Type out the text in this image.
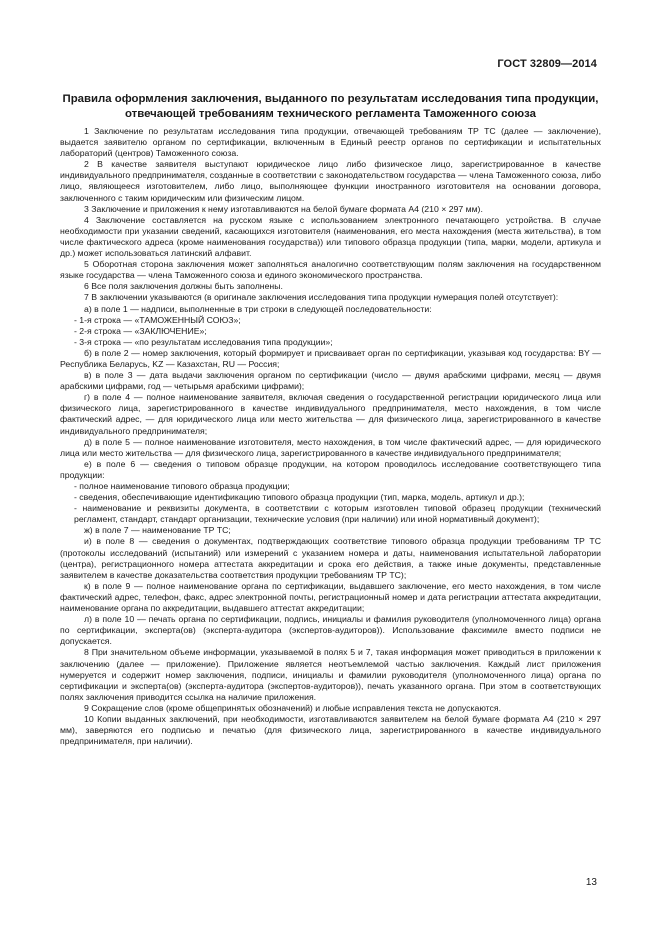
ГОСТ 32809—2014
Правила оформления заключения, выданного по результатам исследования типа продукции,
отвечающей требованиям технического регламента Таможенного союза

1 Заключение по результатам исследования типа продукции, отвечающей требованиям ТР ТС (далее — заключение), выдается заявителю органом по сертификации, включенным в Единый реестр органов по сертификации и испытательных лабораторий (центров) Таможенного союза.

2 В качестве заявителя выступают юридическое лицо либо физическое лицо, зарегистрированное в качестве индивидуального предпринимателя, созданные в соответствии с законодательством государства — члена Таможенного союза, либо лицо, являющееся изготовителем, либо лицо, выполняющее функции иностранного изготовителя на основании договора, заключенного с таким юридическим или физическим лицом.

3 Заключение и приложения к нему изготавливаются на белой бумаге формата А4 (210 × 297 мм).

4 Заключение составляется на русском языке с использованием электронного печатающего устройства. В случае необходимости при указании сведений, касающихся изготовителя (наименования, его места нахождения (места жительства), в том числе фактического адреса (кроме наименования государства)) или типового образца продукции (типа, марки, модели, артикула и др.) может использоваться латинский алфавит.

5 Оборотная сторона заключения может заполняться аналогично соответствующим полям заключения на государственном языке государства — члена Таможенного союза и единого экономического пространства.

6 Все поля заключения должны быть заполнены.

7 В заключении указываются (в оригинале заключения исследования типа продукции нумерация полей отсутствует):

а) в поле 1 — надписи, выполненные в три строки в следующей последовательности:

- 1-я строка — «ТАМОЖЕННЫЙ СОЮЗ»;

- 2-я строка — «ЗАКЛЮЧЕНИЕ»;

- 3-я строка — «по результатам исследования типа продукции»;

б) в поле 2 — номер заключения, который формирует и присваивает орган по сертификации, указывая код государства: BY — Республика Беларусь, KZ — Казахстан, RU — Россия;

в) в поле 3 — дата выдачи заключения органом по сертификации (число — двумя арабскими цифрами, месяц — двумя арабскими цифрами, год — четырьмя арабскими цифрами);

г) в поле 4 — полное наименование заявителя, включая сведения о государственной регистрации юридического лица или физического лица, зарегистрированного в качестве индивидуального предпринимателя, место нахождения, в том числе фактический адрес, — для юридического лица или место жительства — для физического лица, зарегистрированного в качестве индивидуального предпринимателя;

д) в поле 5 — полное наименование изготовителя, место нахождения, в том числе фактический адрес, — для юридического лица или место жительства — для физического лица, зарегистрированного в качестве индивидуального предпринимателя;

е) в поле 6 — сведения о типовом образце продукции, на котором проводилось исследование соответствующего типа продукции:

- полное наименование типового образца продукции;

- сведения, обеспечивающие идентификацию типового образца продукции (тип, марка, модель, артикул и др.);

- наименование и реквизиты документа, в соответствии с которым изготовлен типовой образец продукции (технический регламент, стандарт, стандарт организации, технические условия (при наличии) или иной нормативный документ);

ж) в поле 7 — наименование ТР ТС;

и) в поле 8 — сведения о документах, подтверждающих соответствие типового образца продукции требованиям ТР ТС (протоколы исследований (испытаний) или измерений с указанием номера и даты, наименования испытательной лаборатории (центра), регистрационного номера аттестата аккредитации и срока его действия, а также иные документы, представленные заявителем в качестве доказательства соответствия продукции требованиям ТР ТС);

к) в поле 9 — полное наименование органа по сертификации, выдавшего заключение, его место нахождения, в том числе фактический адрес, телефон, факс, адрес электронной почты, регистрационный номер и дата регистрации аттестата аккредитации, наименование органа по аккредитации, выдавшего аттестат аккредитации;

л) в поле 10 — печать органа по сертификации, подпись, инициалы и фамилия руководителя (уполномоченного лица) органа по сертификации, эксперта(ов) (эксперта-аудитора (экспертов-аудиторов)). Использование факсимиле вместо подписи не допускается.

8 При значительном объеме информации, указываемой в полях 5 и 7, такая информация может приводиться в приложении к заключению (далее — приложение). Приложение является неотъемлемой частью заключения. Каждый лист приложения нумеруется и содержит номер заключения, подписи, инициалы и фамилии руководителя (уполномоченного лица) органа по сертификации и эксперта(ов) (эксперта-аудитора (экспертов-аудиторов)), печать указанного органа. При этом в соответствующих полях заключения приводится ссылка на наличие приложения.

9 Сокращение слов (кроме общепринятых обозначений) и любые исправления текста не допускаются.

10 Копии выданных заключений, при необходимости, изготавливаются заявителем на белой бумаге формата А4 (210 × 297 мм), заверяются его подписью и печатью (для физического лица, зарегистрированного в качестве индивидуального предпринимателя, при наличии).

13
